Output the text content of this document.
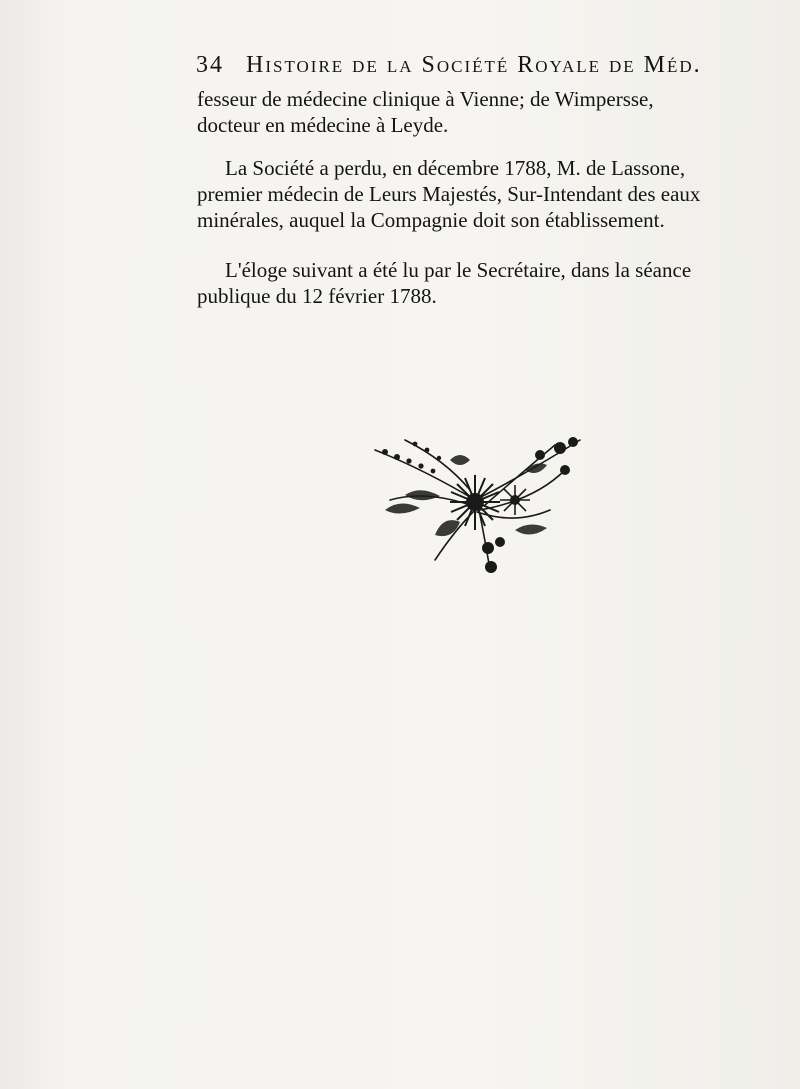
34 Histoire de la Société Royale de Méd.
fesseur de médecine clinique à Vienne; de Wimpersse,
docteur en médecine à Leyde.
La Société a perdu, en décembre 1788, M. de Lassone,
premier médecin de Leurs Majestés, Sur-Intendant des eaux
minérales, auquel la Compagnie doit son établissement.
L'éloge suivant a été lu par le Secrétaire, dans la séance
publique du 12 février 1788.
